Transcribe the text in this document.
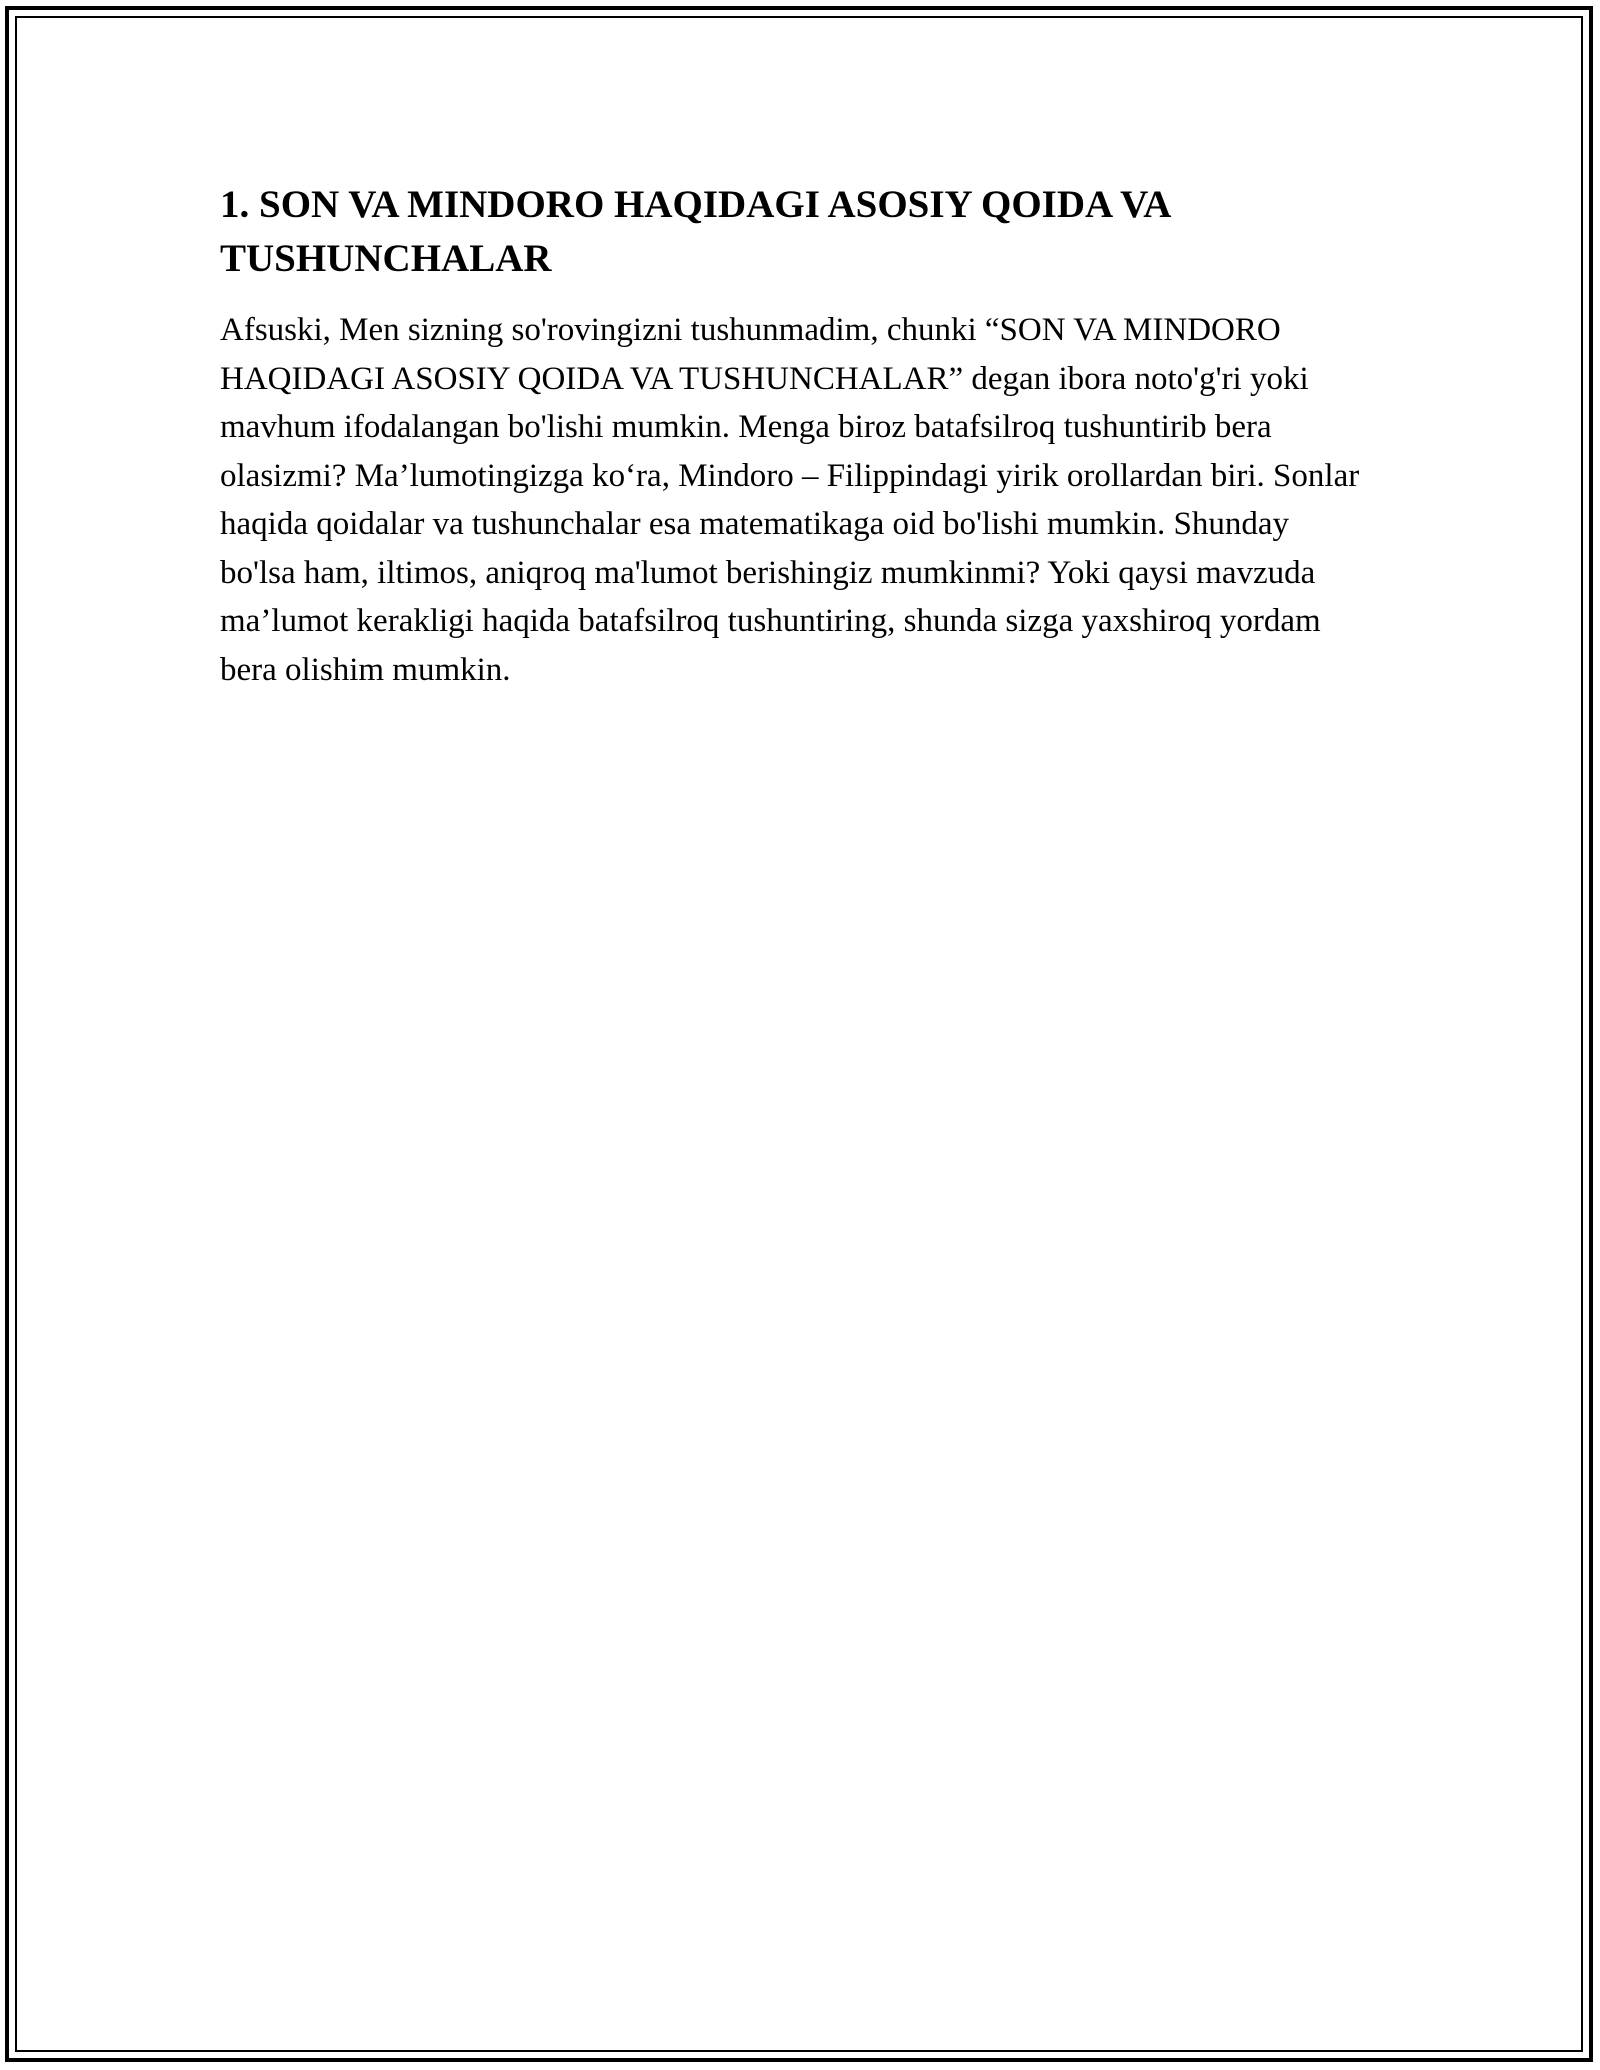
1. SON VA MINDORO HAQIDAGI ASOSIY QOIDA VA TUSHUNCHALAR

Afsuski, Men sizning so'rovingizni tushunmadim, chunki “SON VA MINDORO HAQIDAGI ASOSIY QOIDA VA TUSHUNCHALAR” degan ibora noto'g'ri yoki mavhum ifodalangan bo'lishi mumkin. Menga biroz batafsilroq tushuntirib bera olasizmi? Ma’lumotingizga ko‘ra, Mindoro – Filippindagi yirik orollardan biri. Sonlar haqida qoidalar va tushunchalar esa matematikaga oid bo'lishi mumkin. Shunday bo'lsa ham, iltimos, aniqroq ma'lumot berishingiz mumkinmi? Yoki qaysi mavzuda ma’lumot kerakligi haqida batafsilroq tushuntiring, shunda sizga yaxshiroq yordam bera olishim mumkin.
